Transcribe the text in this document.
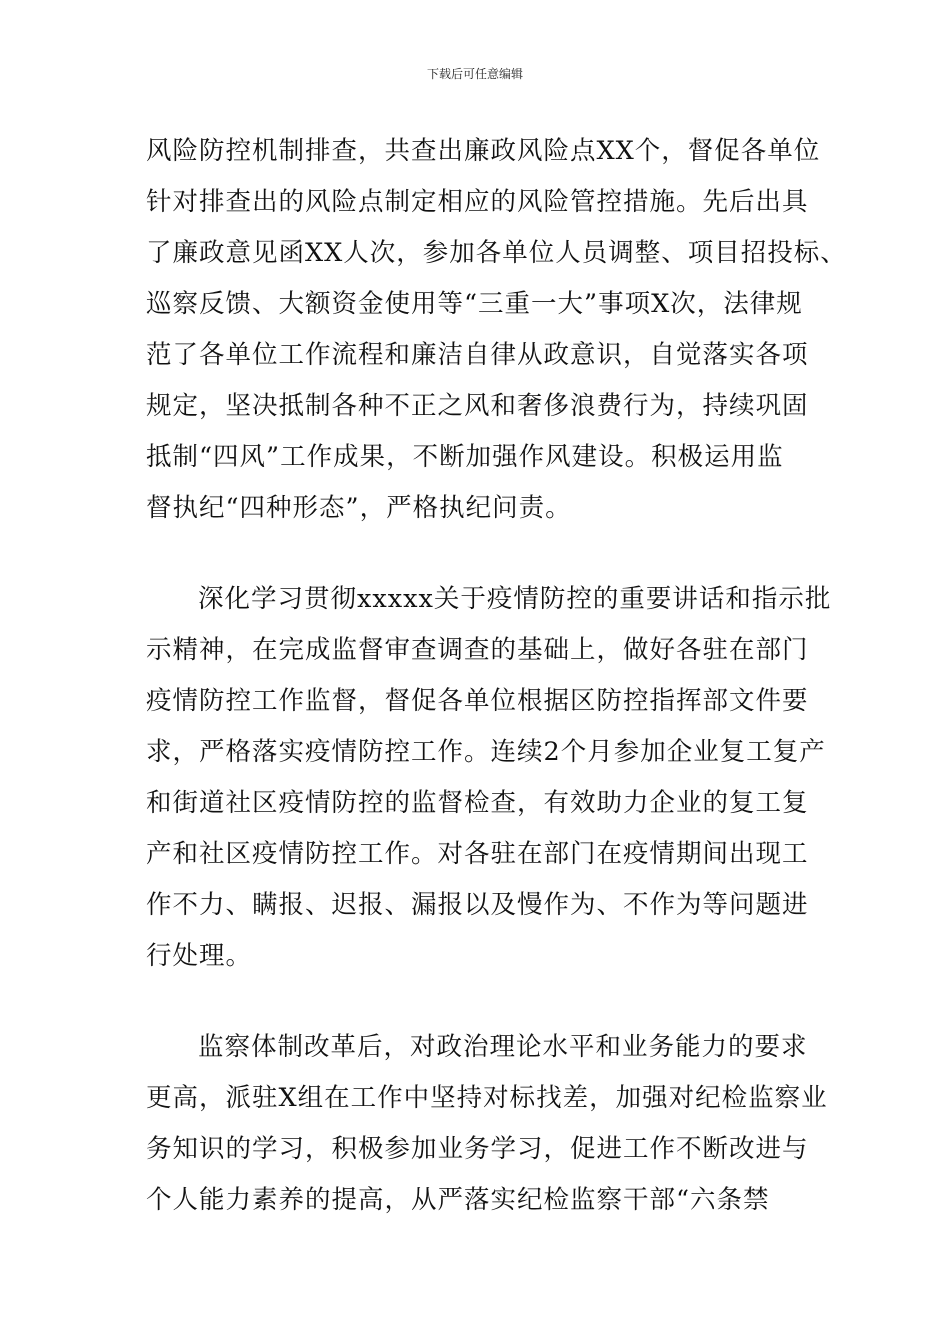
下载后可任意编辑
风险防控机制排查，共查出廉政风险点XX个，督促各单位
针对排查出的风险点制定相应的风险管控措施。先后出具
了廉政意见函XX人次，参加各单位人员调整、项目招投标、
巡察反馈、大额资金使用等“三重一大”事项X次，法律规
范了各单位工作流程和廉洁自律从政意识，自觉落实各项
规定，坚决抵制各种不正之风和奢侈浪费行为，持续巩固
抵制“四风”工作成果，不断加强作风建设。积极运用监
督执纪“四种形态”，严格执纪问责。
深化学习贯彻xxxxx关于疫情防控的重要讲话和指示批
示精神，在完成监督审查调查的基础上，做好各驻在部门
疫情防控工作监督，督促各单位根据区防控指挥部文件要
求，严格落实疫情防控工作。连续2个月参加企业复工复产
和街道社区疫情防控的监督检查，有效助力企业的复工复
产和社区疫情防控工作。对各驻在部门在疫情期间出现工
作不力、瞒报、迟报、漏报以及慢作为、不作为等问题进
行处理。
监察体制改革后，对政治理论水平和业务能力的要求
更高，派驻X组在工作中坚持对标找差，加强对纪检监察业
务知识的学习，积极参加业务学习，促进工作不断改进与
个人能力素养的提高，从严落实纪检监察干部“六条禁
